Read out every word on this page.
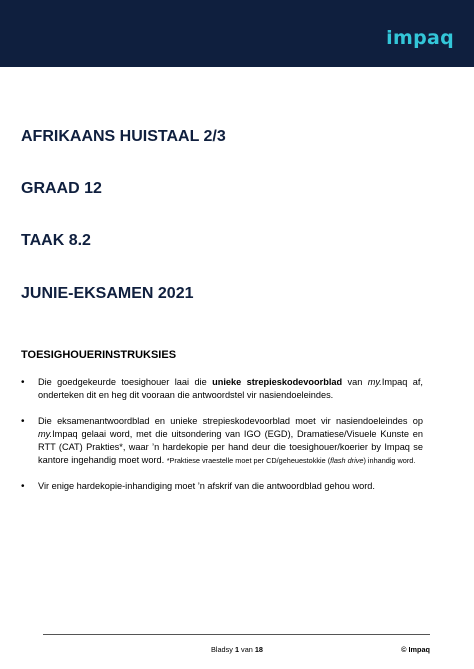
impaq
AFRIKAANS HUISTAAL 2/3
GRAAD 12
TAAK 8.2
JUNIE-EKSAMEN 2021
TOESIGHOUERINSTRUKSIES
• Die goedgekeurde toesighouer laai die unieke strepieskodevoorblad van my.Impaq af, onderteken dit en heg dit vooraan die antwoordstel vir nasiendoeleindes.
• Die eksamenantwoordblad en unieke strepieskodevoorblad moet vir nasiendoeleindes op my.Impaq gelaai word, met die uitsondering van IGO (EGD), Dramatiese/Visuele Kunste en RTT (CAT) Prakties*, waar ’n hardekopie per hand deur die toesighouer/koerier by Impaq se kantore ingehandig moet word. *Praktiese vraestelle moet per CD/geheuestokkie (flash drive) inhandig word.
• Vir enige hardekopie-inhandiging moet ’n afskrif van die antwoordblad gehou word.
Bladsy 1 van 18	© Impaq
